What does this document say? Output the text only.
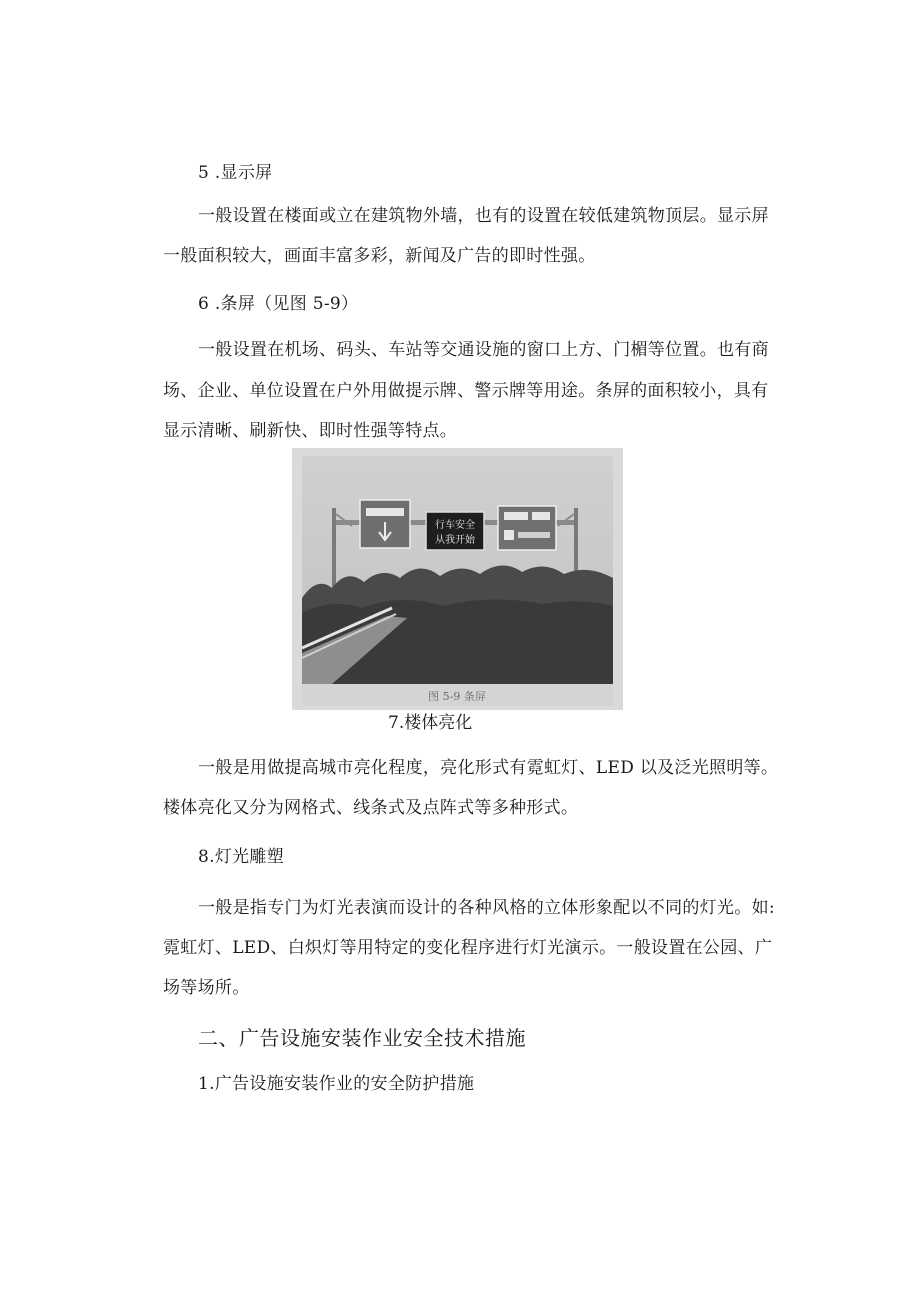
5 .显示屏
一般设置在楼面或立在建筑物外墙，也有的设置在较低建筑物顶层。显示屏
一般面积较大，画面丰富多彩，新闻及广告的即时性强。
6 .条屏（见图 5-9）
一般设置在机场、码头、车站等交通设施的窗口上方、门楣等位置。也有商
场、企业、单位设置在户外用做提示牌、警示牌等用途。条屏的面积较小，具有
显示清晰、刷新快、即时性强等特点。
行车安全
从我开始
图 5-9 条屏
7.楼体亮化
一般是用做提高城市亮化程度，亮化形式有霓虹灯、LED 以及泛光照明等。
楼体亮化又分为网格式、线条式及点阵式等多种形式。
8.灯光雕塑
一般是指专门为灯光表演而设计的各种风格的立体形象配以不同的灯光。如:
霓虹灯、LED、白炽灯等用特定的变化程序进行灯光演示。一般设置在公园、广
场等场所。
二、广告设施安装作业安全技术措施
1.广告设施安装作业的安全防护措施
